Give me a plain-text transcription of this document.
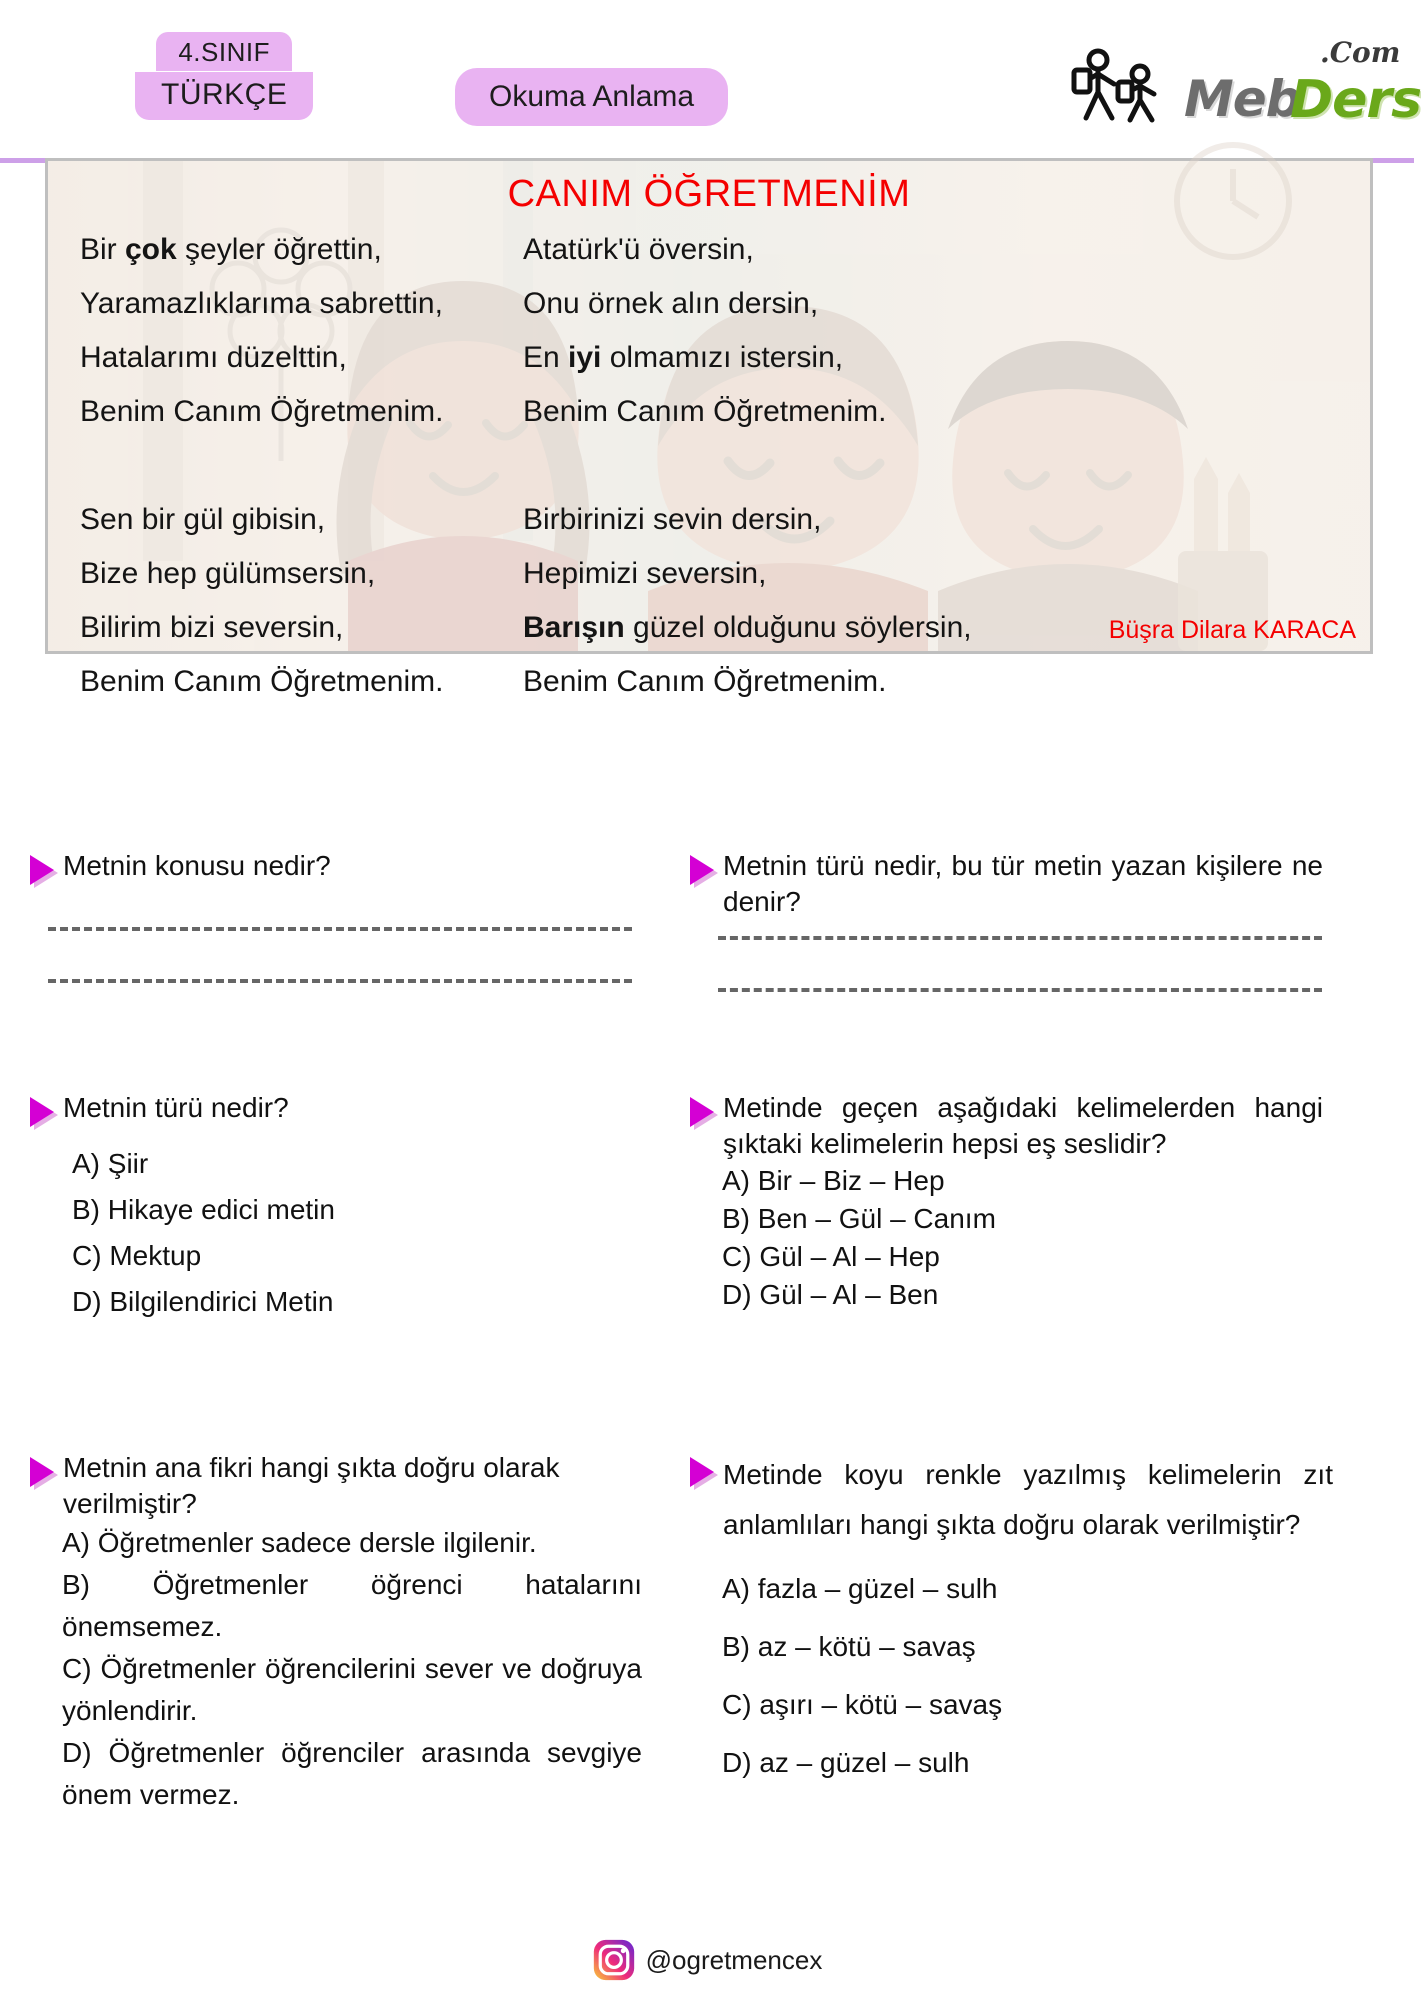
4.SINIF
TÜRKÇE	Okuma Anlama
.Com
Meb
Ders
CANIM ÖĞRETMENİM
Bir çok şeyler öğrettin,
Yaramazlıklarıma sabrettin,
Hatalarımı düzelttin,
Benim Canım Öğretmenim.
Sen bir gül gibisin,
Bize hep gülümsersin,
Bilirim bizi seversin,
Benim Canım Öğretmenim.
Atatürk'ü översin,
Onu örnek alın dersin,
En iyi olmamızı istersin,
Benim Canım Öğretmenim.
Birbirinizi sevin dersin,
Hepimizi seversin,
Barışın güzel olduğunu söylersin,
Benim Canım Öğretmenim.
Büşra Dilara KARACA
Metnin konusu nedir?	Metnin türü nedir, bu tür metin yazan kişilere ne denir?
Metnin türü nedir?
A) Şiir
B) Hikaye edici metin
C) Mektup
D) Bilgilendirici Metin
Metinde geçen aşağıdaki kelimelerden hangi şıktaki kelimelerin hepsi eş seslidir?
A) Bir – Biz – Hep
B) Ben – Gül – Canım
C) Gül – Al – Hep
D) Gül – Al – Ben
Metnin ana fikri hangi şıkta doğru olarak verilmiştir?
A) Öğretmenler sadece dersle ilgilenir.
B) Öğretmenler öğrenci hatalarını önemsemez.
C) Öğretmenler öğrencilerini sever ve doğruya yönlendirir.
D) Öğretmenler öğrenciler arasında sevgiye önem vermez.
Metinde koyu renkle yazılmış kelimelerin zıt anlamlıları hangi şıkta doğru olarak verilmiştir?
A) fazla – güzel – sulh
B) az – kötü – savaş
C) aşırı – kötü – savaş
D) az – güzel – sulh
@ogretmencex
